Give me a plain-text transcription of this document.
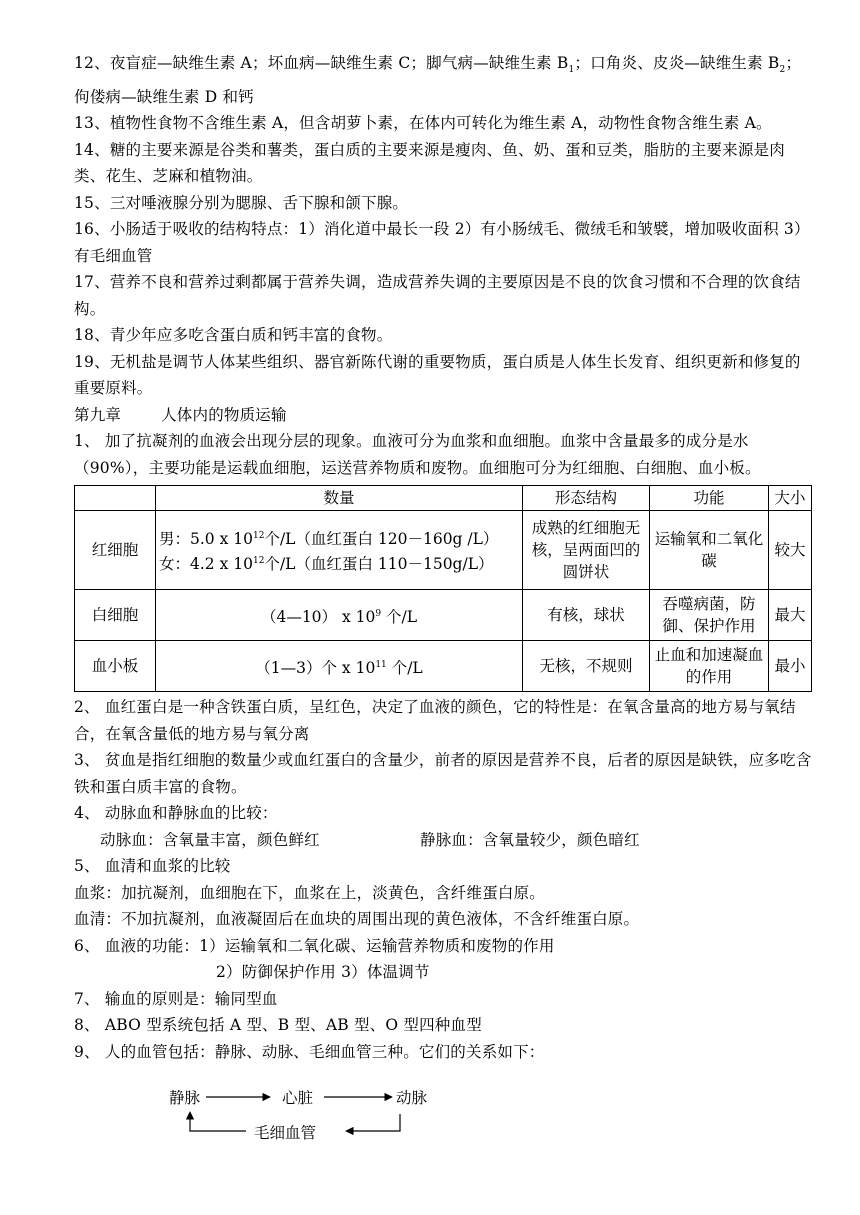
12、夜盲症—缺维生素 A；坏血病—缺维生素 C；脚气病—缺维生素 $B_1$；口角炎、皮炎—缺维生素 $B_2$；佝偻病—缺维生素 D 和钙

13、植物性食物不含维生素 A，但含胡萝卜素，在体内可转化为维生素 A，动物性食物含维生素 A。

14、糖的主要来源是谷类和薯类，蛋白质的主要来源是瘦肉、鱼、奶、蛋和豆类，脂肪的主要来源是肉类、花生、芝麻和植物油。

15、三对唾液腺分别为腮腺、舌下腺和颌下腺。

16、小肠适于吸收的结构特点：1）消化道中最长一段 2）有小肠绒毛、微绒毛和皱襞，增加吸收面积 3）有毛细血管

17、营养不良和营养过剩都属于营养失调，造成营养失调的主要原因是不良的饮食习惯和不合理的饮食结构。

18、青少年应多吃含蛋白质和钙丰富的食物。

19、无机盐是调节人体某些组织、器官新陈代谢的重要物质，蛋白质是人体生长发育、组织更新和修复的重要原料。

第九章	人体内的物质运输

1、 加了抗凝剂的血液会出现分层的现象。血液可分为血浆和血细胞。血浆中含量最多的成分是水（90%），主要功能是运载血细胞，运送营养物质和废物。血细胞可分为红细胞、白细胞、血小板。

	数量	形态结构	功能	大小
红细胞	男：5.0 x $10^{12}$个/L（血红蛋白 120－160g /L）
女：4.2 x $10^{12}$个/L（血红蛋白 110－150g/L）	成熟的红细胞无核，呈两面凹的圆饼状	运输氧和二氧化碳	较大
白细胞	（4—10） x $10^9$ 个/L	有核，球状	吞噬病菌，防御、保护作用	最大
血小板	（1—3）个 x $10^{11}$ 个/L	无核，不规则	止血和加速凝血的作用	最小

2、 血红蛋白是一种含铁蛋白质，呈红色，决定了血液的颜色，它的特性是：在氧含量高的地方易与氧结合，在氧含量低的地方易与氧分离

3、 贫血是指红细胞的数量少或血红蛋白的含量少，前者的原因是营养不良，后者的原因是缺铁，应多吃含铁和蛋白质丰富的食物。

4、 动脉血和静脉血的比较：

动脉血：含氧量丰富，颜色鲜红	静脉血：含氧量较少，颜色暗红

5、 血清和血浆的比较

血浆：加抗凝剂，血细胞在下，血浆在上，淡黄色，含纤维蛋白原。

血清：不加抗凝剂，血液凝固后在血块的周围出现的黄色液体，不含纤维蛋白原。

6、 血液的功能：1）运输氧和二氧化碳、运输营养物质和废物的作用

2）防御保护作用 3）体温调节

7、 输血的原则是：输同型血

8、 ABO 型系统包括 A 型、B 型、AB 型、O 型四种血型

9、 人的血管包括：静脉、动脉、毛细血管三种。它们的关系如下：

静脉	心脏	动脉
毛细血管
